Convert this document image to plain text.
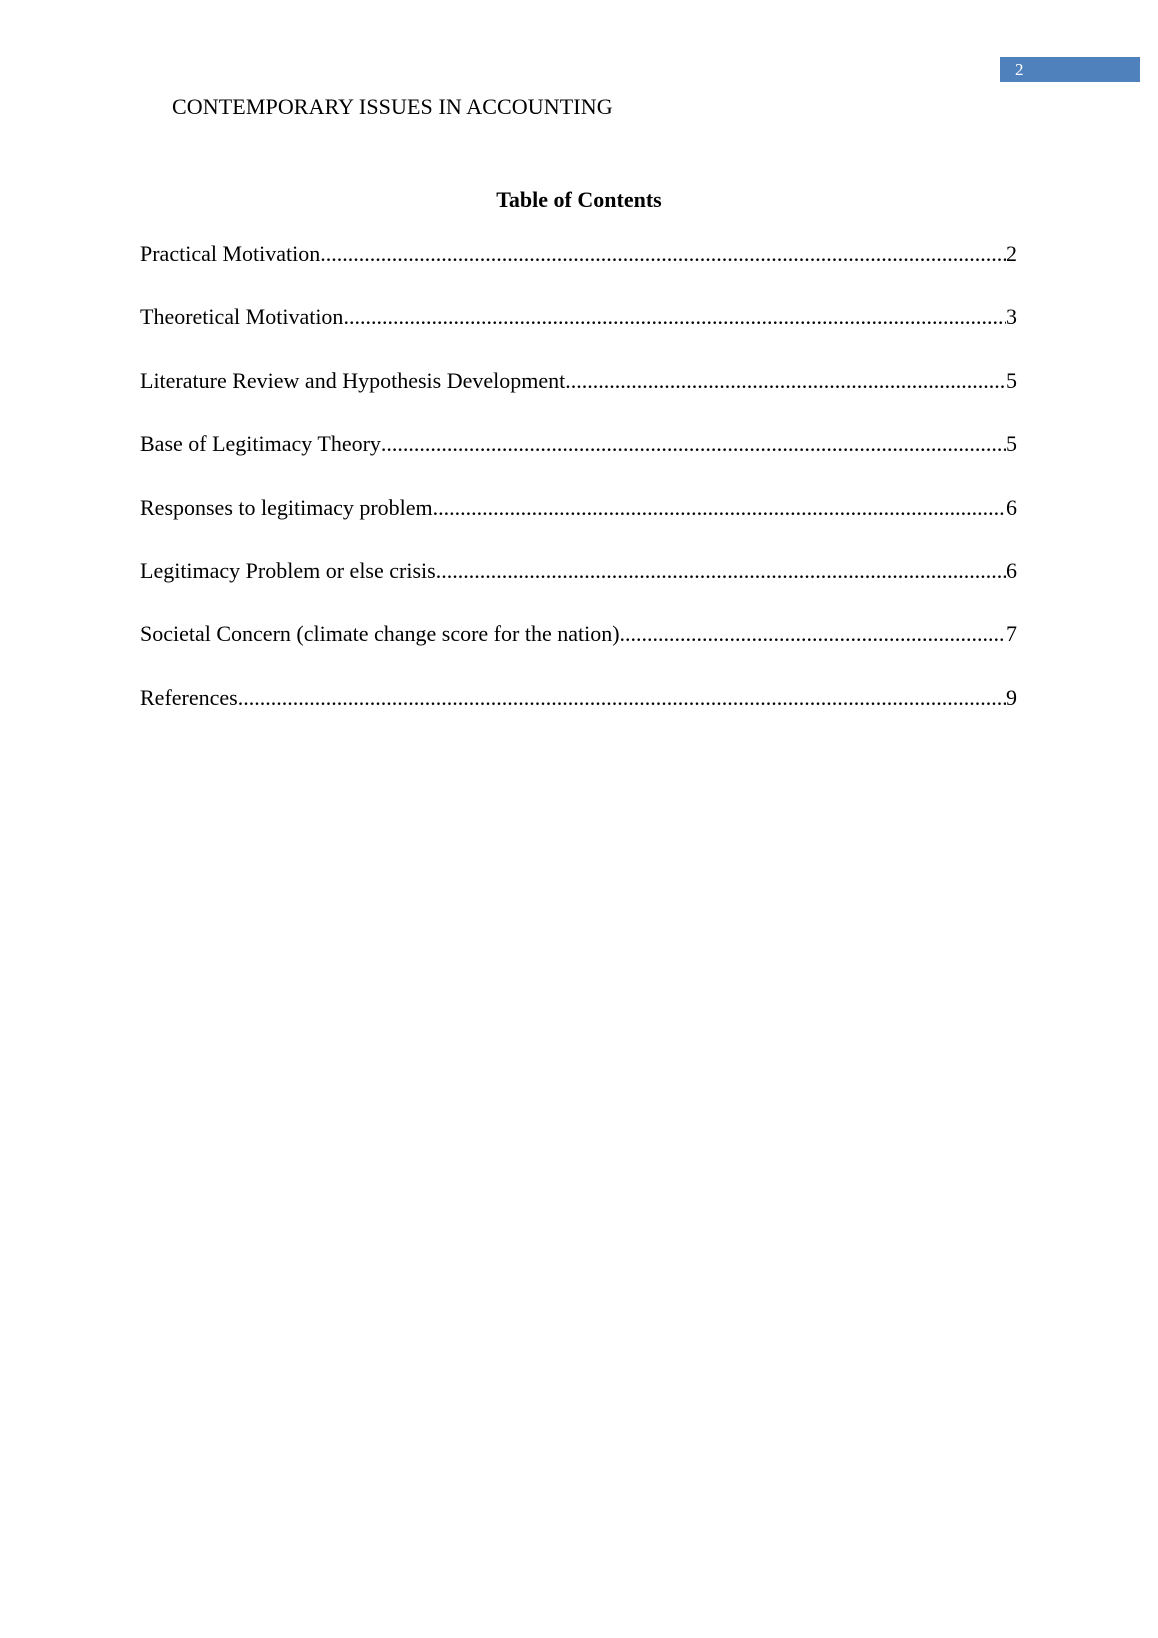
2
CONTEMPORARY ISSUES IN ACCOUNTING
Table of Contents
Practical Motivation .....	2
Theoretical Motivation .....	3
Literature Review and Hypothesis Development .....	5
Base of Legitimacy Theory .....	5
Responses to legitimacy problem .....	6
Legitimacy Problem or else crisis .....	6
Societal Concern (climate change score for the nation) .....	7
References .....	9
